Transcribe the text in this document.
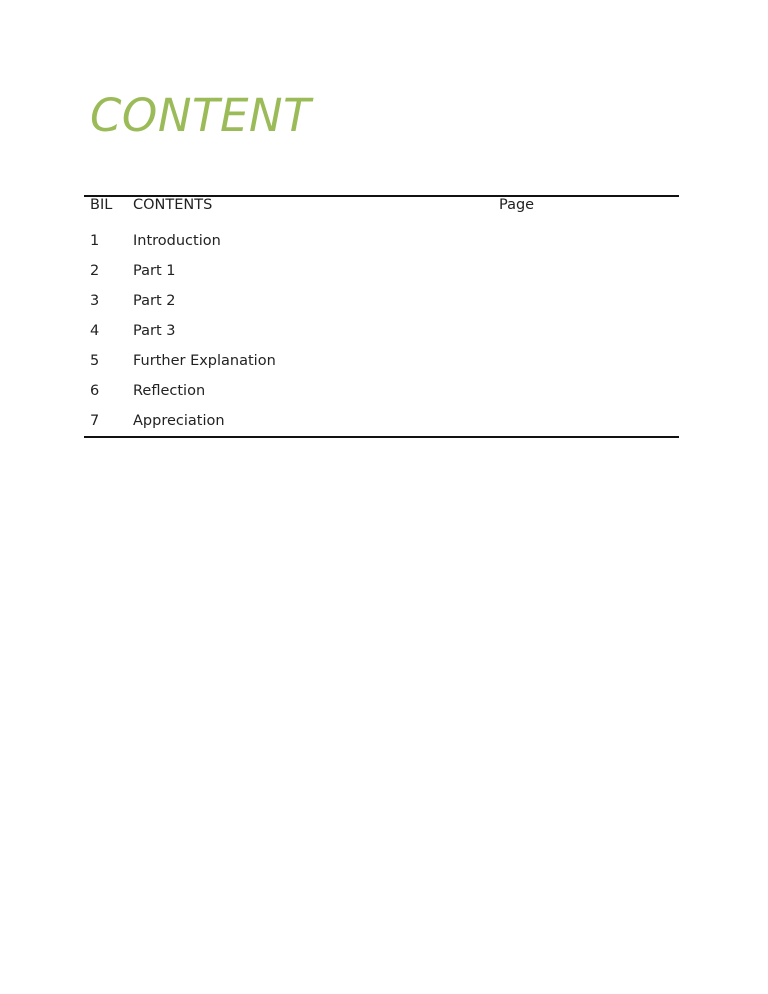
CONTENT
BIL	CONTENTS	Page
1	Introduction	
2	Part 1	
3	Part 2	
4	Part 3	
5	Further Explanation	
6	Reflection	
7	Appreciation	
